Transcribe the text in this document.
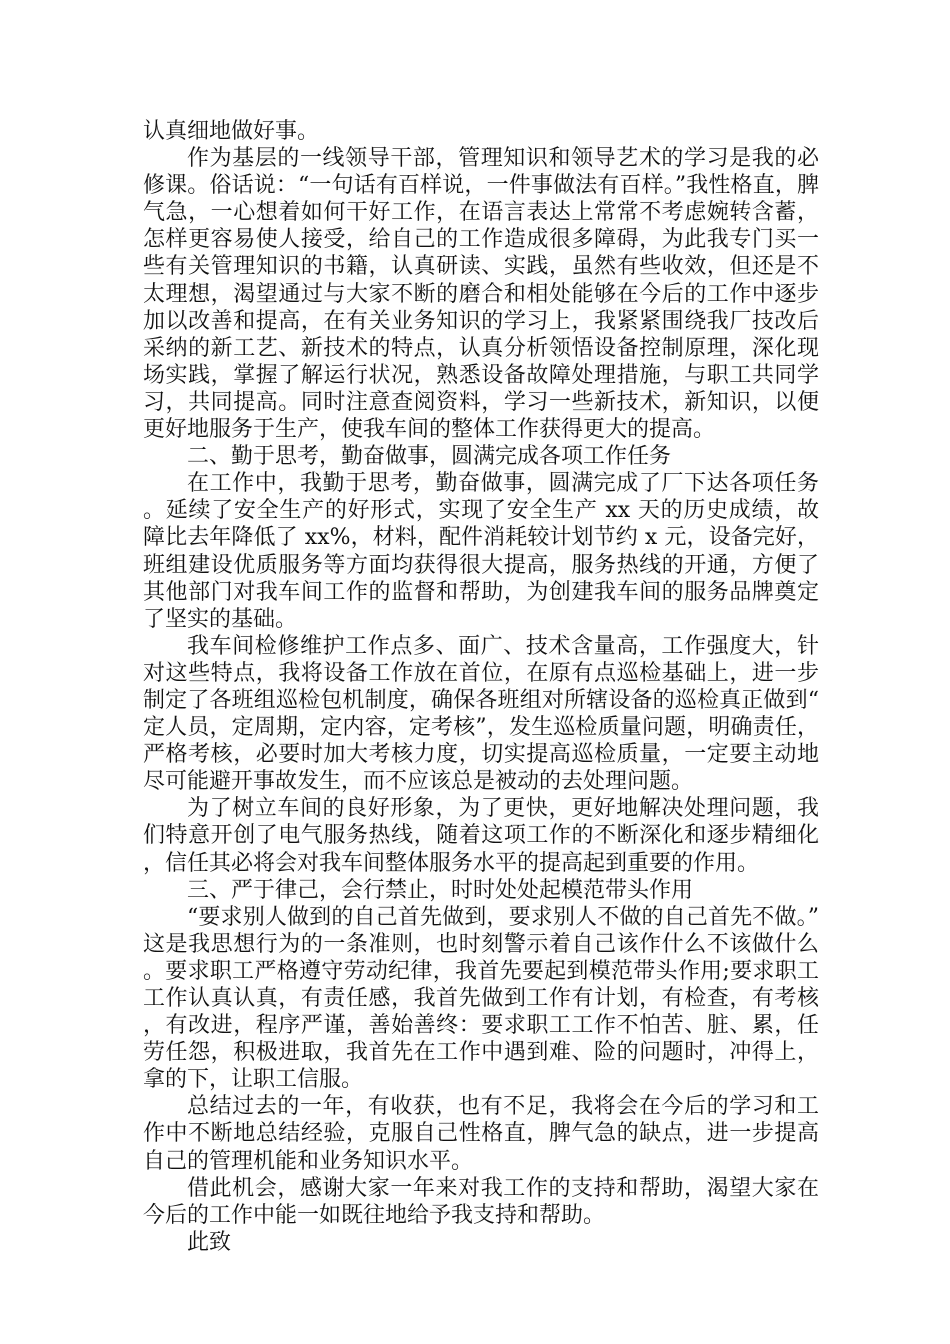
认真细地做好事。

作为基层的一线领导干部，管理知识和领导艺术的学习是我的必修课。俗话说：“一句话有百样说，一件事做法有百样。”我性格直，脾气急，一心想着如何干好工作，在语言表达上常常不考虑婉转含蓄，怎样更容易使人接受，给自己的工作造成很多障碍，为此我专门买一些有关管理知识的书籍，认真研读、实践，虽然有些收效，但还是不太理想，渴望通过与大家不断的磨合和相处能够在今后的工作中逐步加以改善和提高，在有关业务知识的学习上，我紧紧围绕我厂技改后采纳的新工艺、新技术的特点，认真分析领悟设备控制原理，深化现场实践，掌握了解运行状况，熟悉设备故障处理措施，与职工共同学习，共同提高。同时注意查阅资料，学习一些新技术，新知识，以便更好地服务于生产，使我车间的整体工作获得更大的提高。

二、勤于思考，勤奋做事，圆满完成各项工作任务

在工作中，我勤于思考，勤奋做事，圆满完成了厂下达各项任务。延续了安全生产的好形式，实现了安全生产 xx 天的历史成绩，故障比去年降低了 xx%，材料，配件消耗较计划节约 x 元，设备完好，班组建设优质服务等方面均获得很大提高，服务热线的开通，方便了其他部门对我车间工作的监督和帮助，为创建我车间的服务品牌奠定了坚实的基础。

我车间检修维护工作点多、面广、技术含量高，工作强度大，针对这些特点，我将设备工作放在首位，在原有点巡检基础上，进一步制定了各班组巡检包机制度，确保各班组对所辖设备的巡检真正做到“定人员，定周期，定内容，定考核”，发生巡检质量问题，明确责任，严格考核，必要时加大考核力度，切实提高巡检质量，一定要主动地尽可能避开事故发生，而不应该总是被动的去处理问题。

为了树立车间的良好形象，为了更快，更好地解决处理问题，我们特意开创了电气服务热线，随着这项工作的不断深化和逐步精细化，信任其必将会对我车间整体服务水平的提高起到重要的作用。

三、严于律己，会行禁止，时时处处起模范带头作用

“要求别人做到的自己首先做到，要求别人不做的自己首先不做。”这是我思想行为的一条准则，也时刻警示着自己该作什么不该做什么。要求职工严格遵守劳动纪律，我首先要起到模范带头作用;要求职工工作认真认真，有责任感，我首先做到工作有计划，有检查，有考核，有改进，程序严谨，善始善终：要求职工工作不怕苦、脏、累，任劳任怨，积极进取，我首先在工作中遇到难、险的问题时，冲得上，拿的下，让职工信服。

总结过去的一年，有收获，也有不足，我将会在今后的学习和工作中不断地总结经验，克服自己性格直，脾气急的缺点，进一步提高自己的管理机能和业务知识水平。

借此机会，感谢大家一年来对我工作的支持和帮助，渴望大家在今后的工作中能一如既往地给予我支持和帮助。

此致
